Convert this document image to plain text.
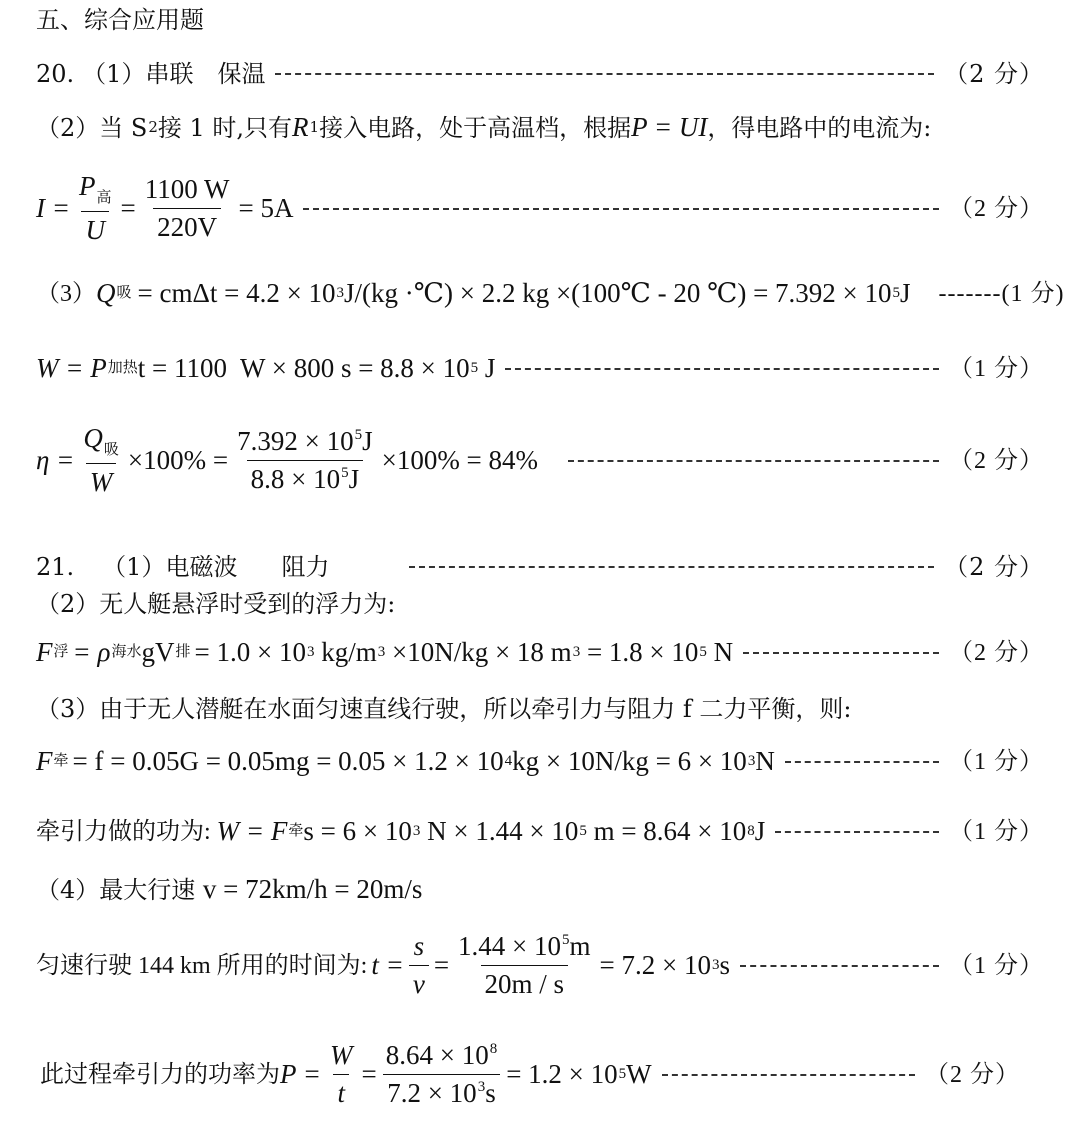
五、综合应用题
20. （1）串联　保温	（2 分）
（2）当 S 2 接 1 时,只有 R 1 接入电路，处于高温档，根据 P = UI ，得电路中的电流为:
$I = \frac{P_高}{U} = \frac{1100 W}{220V} = 5A$	（2 分）
（3） Q 吸 = cmΔt = 4.2 × 10 3 J/(kg ·℃) × 2.2 kg ×(100℃ - 20 ℃) = 7.392 × 10 5 J -------(1 分)
W = P 加热 t = 1100  W × 800 s = 8.8 × 10 5 J	（1 分）
$\eta = \frac{Q_吸}{W} \times 100\% = \frac{7.392 \times 10^5J}{8.8 \times 10^5J} \times 100\% = 84\%$	（2 分）
21. （1）电磁波 阻力	（2 分）
（2）无人艇悬浮时受到的浮力为:
F 浮 = ρ 海水 gV 排 = 1.0 × 10 3 kg/m 3 ×10N/kg × 18 m 3 = 1.8 × 10 5 N	（2 分）
（3）由于无人潜艇在水面匀速直线行驶，所以牵引力与阻力 f 二力平衡，则:
F 牵 = f = 0.05G = 0.05mg = 0.05 × 1.2 × 10 4 kg × 10N/kg = 6 × 10 3 N	（1 分）
牵引力做的功为: W = F 牵 s = 6 × 10 3 N × 1.44 × 10 5 m = 8.64 × 10 8 J	（1 分）
（4）最大行速 v = 72km/h = 20m/s
匀速行驶 144 km 所用的时间为: $t = \frac{s}{v} = \frac{1.44 \times 10^5m}{20m / s} = 7.2 \times 10$ 3 s	（1 分）
此过程牵引力的功率为 $P = \frac{W}{t} = \frac{8.64 \times 10^8}{7.2 \times 10^3s} = 1.2 \times 10$ 5 W	（2 分）
